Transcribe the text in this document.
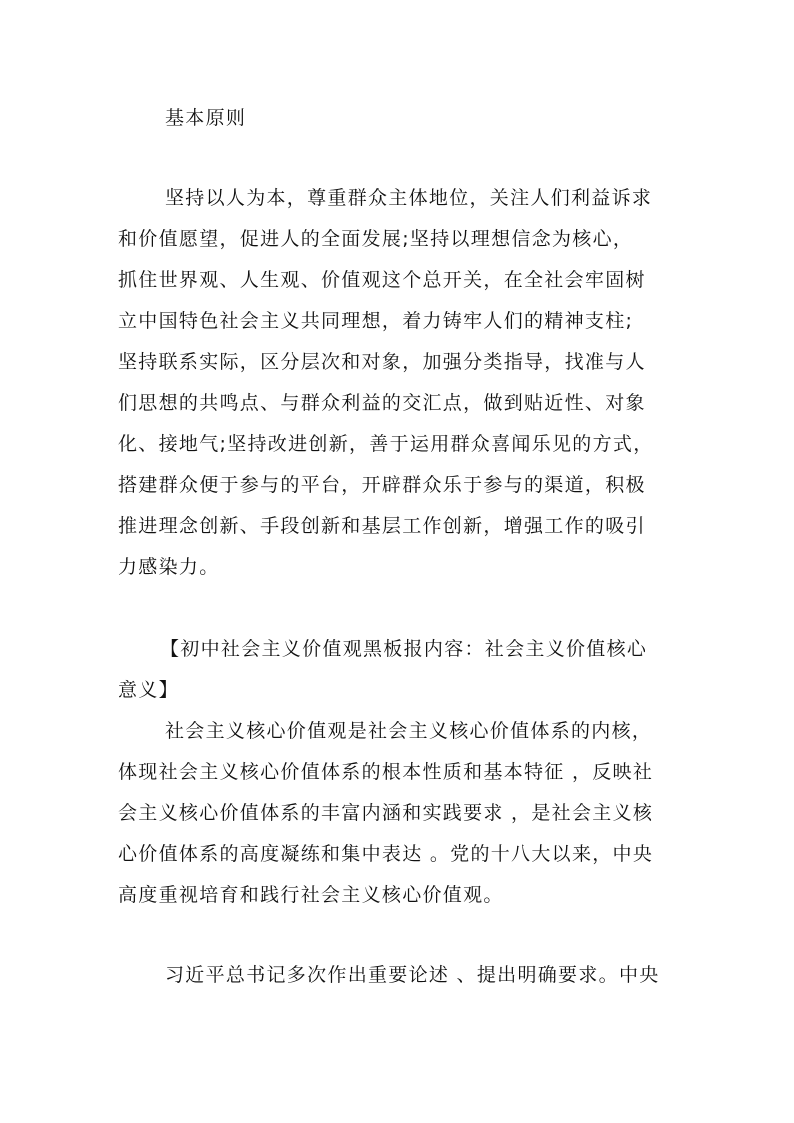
基本原则
坚持以人为本，尊重群众主体地位，关注人们利益诉求
和价值愿望，促进人的全面发展;坚持以理想信念为核心，
抓住世界观、人生观、价值观这个总开关，在全社会牢固树
立中国特色社会主义共同理想，着力铸牢人们的精神支柱;
坚持联系实际，区分层次和对象，加强分类指导，找准与人
们思想的共鸣点、与群众利益的交汇点，做到贴近性、对象
化、接地气;坚持改进创新，善于运用群众喜闻乐见的方式，
搭建群众便于参与的平台，开辟群众乐于参与的渠道，积极
推进理念创新、手段创新和基层工作创新，增强工作的吸引
力感染力。
【初中社会主义价值观黑板报内容：社会主义价值核心
意义】
社会主义核心价值观是社会主义核心价值体系的内核，
体现社会主义核心价值体系的根本性质和基本特征 ，反映社
会主义核心价值体系的丰富内涵和实践要求 ，是社会主义核
心价值体系的高度凝练和集中表达 。党的十八大以来，中央
高度重视培育和践行社会主义核心价值观。
习近平总书记多次作出重要论述 、提出明确要求。中央
